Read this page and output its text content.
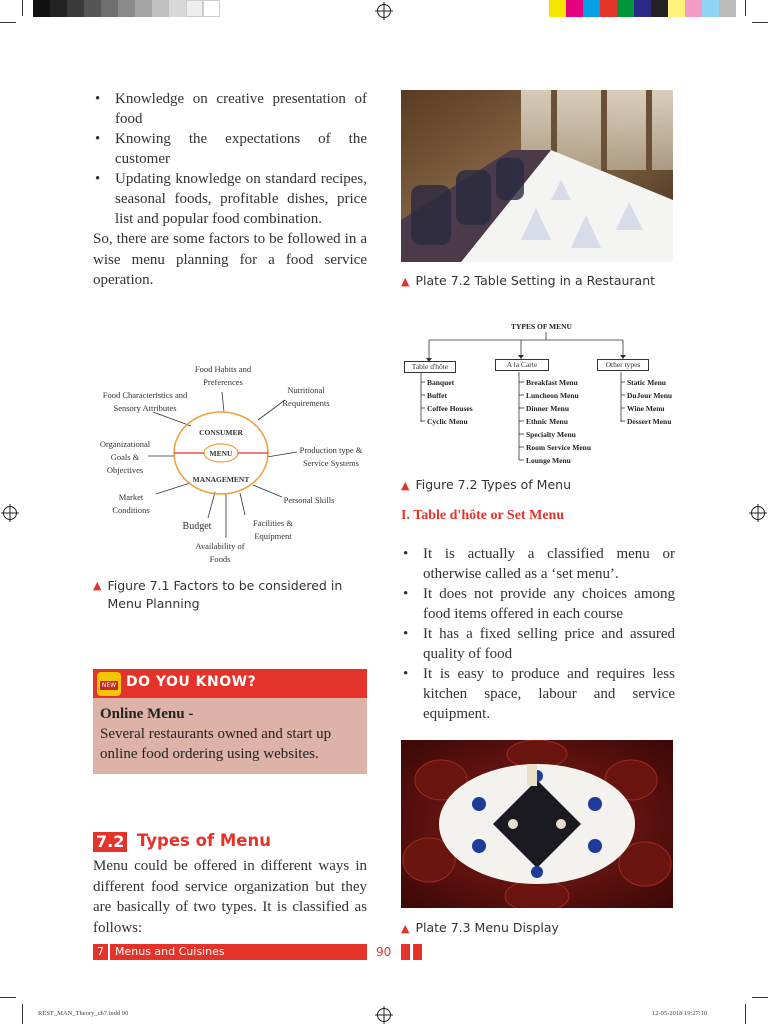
• Knowledge on creative presentation of food
• Knowing the expectations of the customer
• Updating knowledge on standard recipes, seasonal foods, profitable dishes, price list and popular food combination.

So, there are some factors to be followed in a wise menu planning for a food service operation.

CONSUMER
MENU
MANAGEMENT
Food Habits and Preferences
Nutritional Requirements
Food Characteristics and Sensory Attributes
Organizational Goals & Objectives
Production type & Service Systems
Market Conditions
Personal Skills
Budget	Facilities & Equipment
Availability of Foods
▲ Figure 7.1 Factors to be considered in Menu Planning
NEW DO YOU KNOW?
Online Menu -
Several restaurants owned and start up online food ordering using websites.
7.2 Types of Menu

Menu could be offered in different ways in different food service organization but they are basically of two types. It is classified as follows:

▲ Plate 7.2 Table Setting in a Restaurant
TYPES OF MENU
Table d'hôte	A la Carte	Other types
Banquet
Buffet
Coffee Houses
Cyclic Menu
Breakfast Menu
Luncheon Menu
Dinner Menu
Ethnic Menu
Specialty Menu
Room Service Menu
Lounge Menu
Static Menu
DuJour Menu
Wine Menu
Dessert Menu
▲ Figure 7.2 Types of Menu
I. Table d'hôte or Set Menu
• It is actually a classified menu or otherwise called as a ‘set menu’.
• It does not provide any choices among food items offered in each course
• It has a fixed selling price and assured quality of food
• It is easy to produce and requires less kitchen space, labour and service equipment.
▲ Plate 7.3 Menu Display
7	Menus and Cuisines	90
REST_MAN_Theory_ch7.indd 90	12-05-2018 19:27:10
